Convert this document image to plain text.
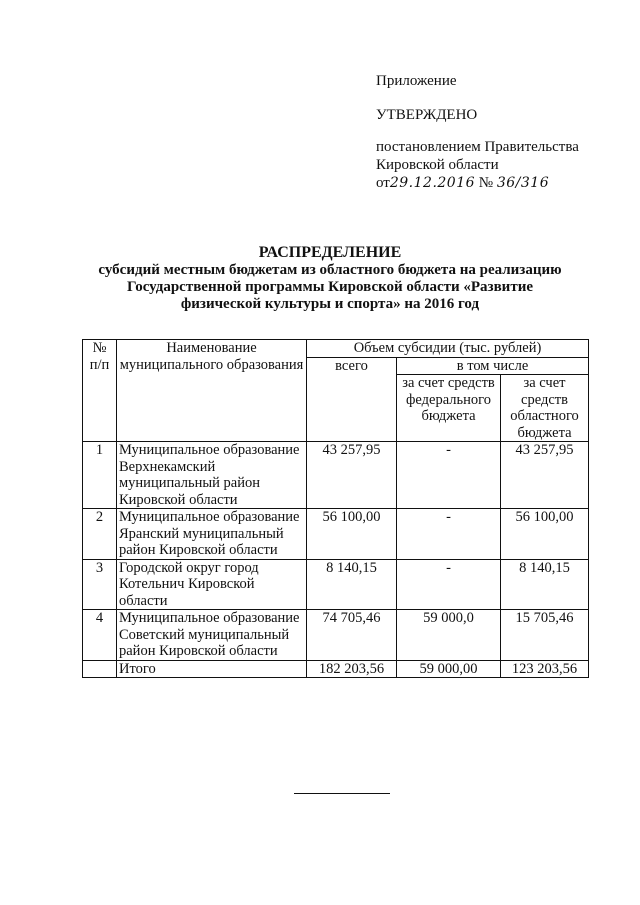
Приложение
УТВЕРЖДЕНО
постановлением Правительства
Кировской области
от29.12.2016 № 36/316
РАСПРЕДЕЛЕНИЕ
субсидий местным бюджетам из областного бюджета на реализацию
Государственной программы Кировской области «Развитие
физической культуры и спорта» на 2016 год
№ п/п	Наименование муниципального образования	Объем субсидии (тыс. рублей)		
		всего	в том числе	
			за счет средств федерального бюджета	за счет средств областного бюджета
1	Муниципальное образование Верхнекамский муниципальный район Кировской области	43 257,95	-	43 257,95
2	Муниципальное образование Яранский муниципальный район Кировской области	56 100,00	-	56 100,00
3	Городской округ город Котельнич Кировской области	8 140,15	-	8 140,15
4	Муниципальное образование Советский муниципальный район Кировской области	74 705,46	59 000,0	15 705,46
	Итого	182 203,56	59 000,00	123 203,56
